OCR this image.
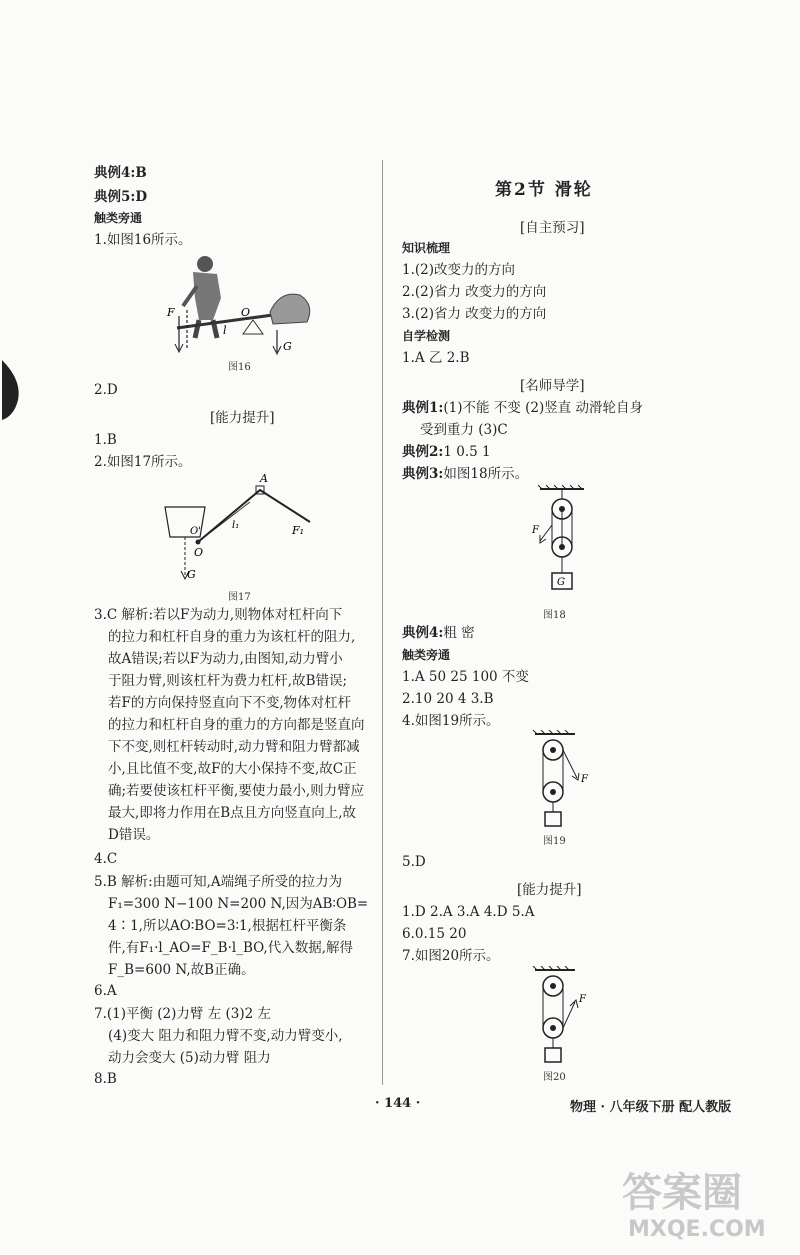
典例4:B
典例5:D
触类旁通
1.如图16所示。
F	O
l
G
图16
2.D
[能力提升]
1.B
2.如图17所示。
A
F₁
l₁
O
O'
G
图17
3.C 解析:若以F为动力,则物体对杠杆向下
的拉力和杠杆自身的重力为该杠杆的阻力,
故A错误;若以F为动力,由图知,动力臂小
于阻力臂,则该杠杆为费力杠杆,故B错误;
若F的方向保持竖直向下不变,物体对杠杆
的拉力和杠杆自身的重力的方向都是竖直向
下不变,则杠杆转动时,动力臂和阻力臂都减
小,且比值不变,故F的大小保持不变,故C正
确;若要使该杠杆平衡,要使力最小,则力臂应
最大,即将力作用在B点且方向竖直向上,故
D错误。
4.C
5.B 解析:由题可知,A端绳子所受的拉力为
F₁=300 N−100 N=200 N,因为AB∶OB=
4∶1,所以AO∶BO=3∶1,根据杠杆平衡条
件,有F₁·l_AO=F_B·l_BO,代入数据,解得
F_B=600 N,故B正确。
6.A
7.(1)平衡 (2)力臂 左 (3)2 左
(4)变大 阻力和阻力臂不变,动力臂变小,
动力会变大 (5)动力臂 阻力
8.B
第2节 滑轮
[自主预习]
知识梳理
1.(2)改变力的方向
2.(2)省力 改变力的方向
3.(2)省力 改变力的方向
自学检测
1.A 乙 2.B
[名师导学]
典例1:(1)不能 不变 (2)竖直 动滑轮自身
受到重力 (3)C
典例2:1 0.5 1
典例3:如图18所示。
F
G
图18
典例4:粗 密
触类旁通
1.A 50 25 100 不变
2.10 20 4 3.B
4.如图19所示。
F
图19
5.D
[能力提升]
1.D 2.A 3.A 4.D 5.A
6.0.15 20
7.如图20所示。
F
图20
· 144 ·	物理 · 八年级下册 配人教版
答案圈
MXQE.COM
